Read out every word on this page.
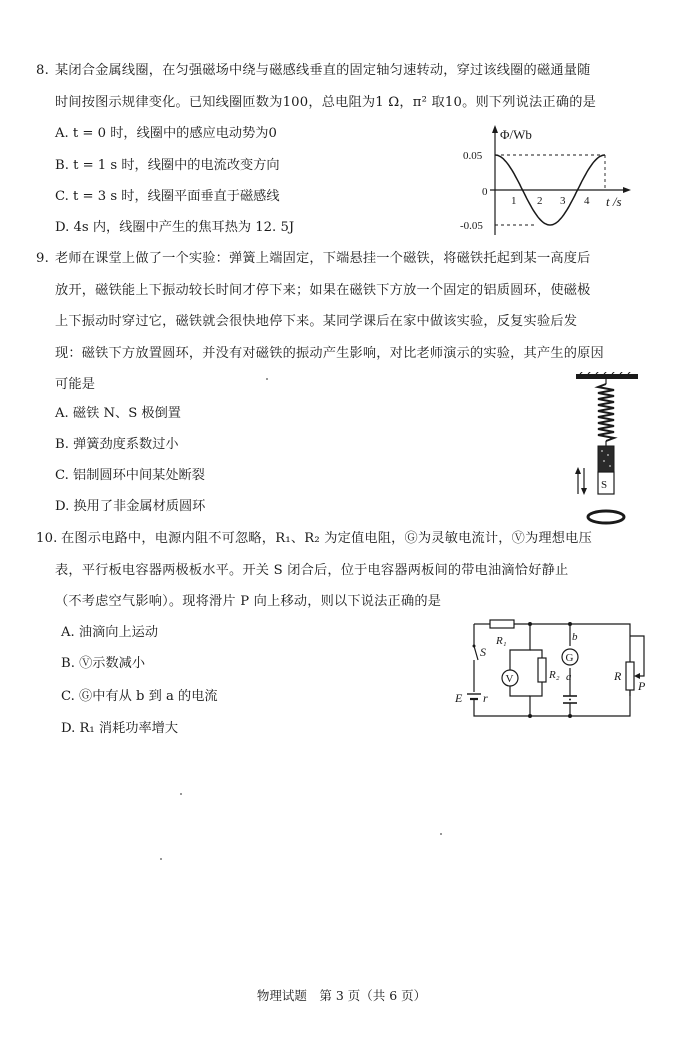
8. 某闭合金属线圈，在匀强磁场中绕与磁感线垂直的固定轴匀速转动，穿过该线圈的磁通量随
时间按图示规律变化。已知线圈匝数为100，总电阻为1 Ω，π² 取10。则下列说法正确的是
A. t = 0 时，线圈中的感应电动势为0
B. t = 1 s 时，线圈中的电流改变方向
C. t = 3 s 时，线圈平面垂直于磁感线
D. 4s 内，线圈中产生的焦耳热为 12. 5J
Φ/Wb
0.05
0
-0.05
1 2 3 4 t /s
9. 老师在课堂上做了一个实验：弹簧上端固定，下端悬挂一个磁铁，将磁铁托起到某一高度后
放开，磁铁能上下振动较长时间才停下来；如果在磁铁下方放一个固定的铝质圆环，使磁极
上下振动时穿过它，磁铁就会很快地停下来。某同学课后在家中做该实验，反复实验后发
现：磁铁下方放置圆环，并没有对磁铁的振动产生影响，对比老师演示的实验，其产生的原因
可能是
A. 磁铁 N、S 极倒置
B. 弹簧劲度系数过小
C. 铝制圆环中间某处断裂
D. 换用了非金属材质圆环
S
10. 在图示电路中，电源内阻不可忽略，R₁、R₂ 为定值电阻，Ⓖ为灵敏电流计，Ⓥ为理想电压
表，平行板电容器两极板水平。开关 S 闭合后，位于电容器两板间的带电油滴恰好静止
（不考虑空气影响）。现将滑片 P 向上移动，则以下说法正确的是
A. 油滴向上运动
B. Ⓥ示数减小
C. Ⓖ中有从 b 到 a 的电流
D. R₁ 消耗功率增大
R₁
S
E r
V	R₂
b
G
a	R
P
物理试题　第 3 页（共 6 页）
